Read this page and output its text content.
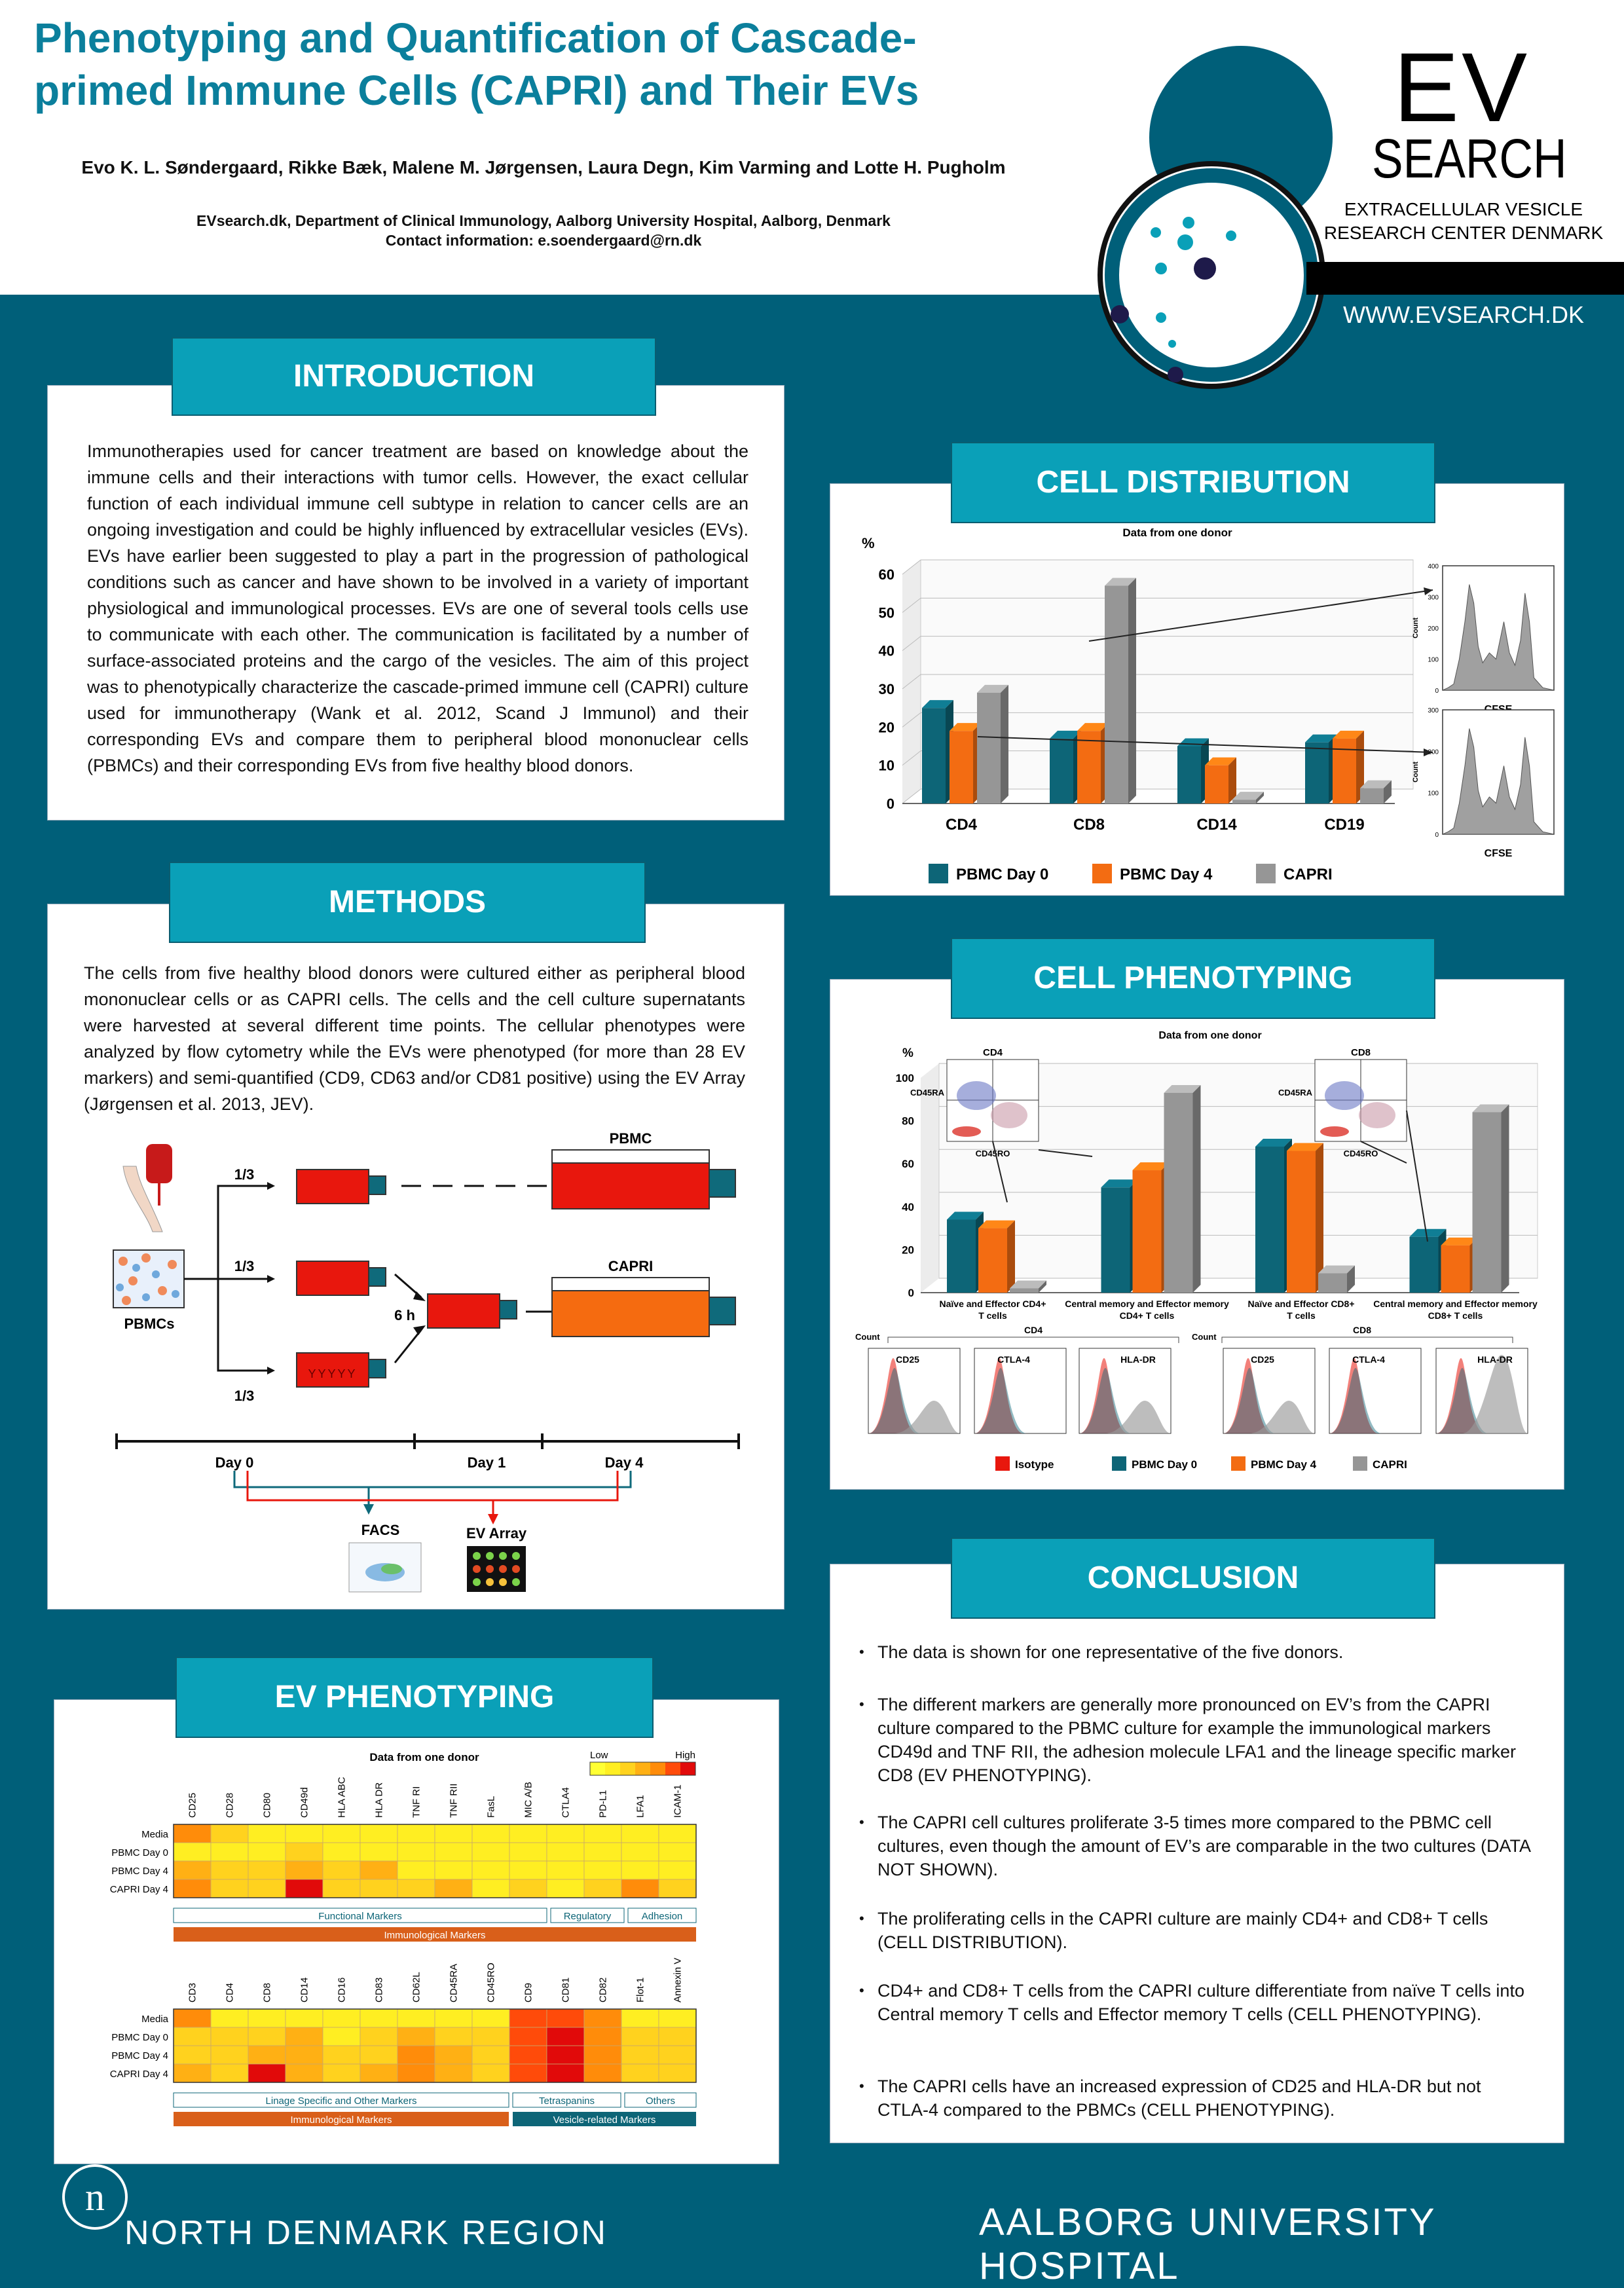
Phenotyping and Quantification of Cascade-primed Immune Cells (CAPRI) and Their EVs
Evo K. L. Søndergaard, Rikke Bæk, Malene M. Jørgensen, Laura Degn, Kim Varming and Lotte H. Pugholm
EVsearch.dk, Department of Clinical Immunology, Aalborg University Hospital, Aalborg, Denmark
Contact information: e.soendergaard@rn.dk
EV
SEARCH
EXTRACELLULAR VESICLE
RESEARCH CENTER DENMARK
WWW.EVSEARCH.DK
Immunotherapies used for cancer treatment are based on knowledge about the immune cells and their interactions with tumor cells. However, the exact cellular function of each individual immune cell subtype in relation to cancer cells are an ongoing investigation and could be highly influenced by extracellular vesicles (EVs). EVs have earlier been suggested to play a part in the progression of pathological conditions such as cancer and have shown to be involved in a variety of important physiological and immunological processes. EVs are one of several tools cells use to communicate with each other. The communication is facilitated by a number of surface-associated proteins and the cargo of the vesicles. The aim of this project was to phenotypically characterize the cascade-primed immune cell (CAPRI) culture used for immunotherapy (Wank et al. 2012, Scand J Immunol) and their corresponding EVs and compare them to peripheral blood mononuclear cells (PBMCs) and their corresponding EVs from five healthy blood donors.
INTRODUCTION
The cells from five healthy blood donors were cultured either as peripheral blood mononuclear cells or as CAPRI cells. The cells and the cell culture supernatants were harvested at several different time points. The cellular phenotypes were analyzed by flow cytometry while the EVs were phenotyped (for more than 28 EV markers) and semi-quantified (CD9, CD63 and/or CD81 positive) using the EV Array (Jørgensen et al. 2013, JEV).
PBMCs
1/3
1/3
1/3
YYYYY
6 h
PBMC
CAPRI
Day 0	Day 1	Day 4
FACS	EV Array
METHODS
Data from one donor	Low	High
CD25	CD28	CD80	CD49d	HLA ABC	HLA DR	TNF RI	TNF RII	FasL	MIC A/B	CTLA4	PD-L1	LFA1	ICAM-1
Media
PBMC Day 0
PBMC Day 4
CAPRI Day 4
Functional Markers	Regulatory	Adhesion
Immunological Markers
CD3	CD4	CD8	CD14	CD16	CD83	CD62L	CD45RA	CD45RO	CD9	CD81	CD82	Flot-1	Annexin V
Media
PBMC Day 0
PBMC Day 4
CAPRI Day 4
Linage Specific and Other Markers	Tetraspanins	Others
Immunological Markers	Vesicle-related Markers
EV PHENOTYPING
Data from one donor
%
0
10
20
30
40
50
60
CD4	CD8	CD14	CD19
0
100
200
300
400
Count
0
100
200
300
CFSE
Count
PBMC Day 0	PBMC Day 4	CAPRI
CELL DISTRIBUTION
Data from one donor
%
0
20
40
60
80
100
Naïve and Effector CD4+
T cells
Central memory and Effector memory
CD4+ T cells
Naïve and Effector CD8+
T cells
Central memory and Effector memory
CD8+ T cells
CD4
CD45RA
CD45RO
CD8
CD45RA
CD45RO
CD4	CD8
Count	Count
CD25	CTLA-4	HLA-DR	CD25	CTLA-4	HLA-DR
Isotype	PBMC Day 0	PBMC Day 4	CAPRI
CELL PHENOTYPING
CONCLUSION
• The data is shown for one representative of the five donors.
• The different markers are generally more pronounced on EV’s from the CAPRI culture compared to the PBMC culture for example the immunological markers CD49d and TNF RII, the adhesion molecule LFA1 and the lineage specific marker CD8 (EV PHENOTYPING).
• The CAPRI cell cultures proliferate 3-5 times more compared to the PBMC cell cultures, even though the amount of EV’s are comparable in the two cultures (DATA NOT SHOWN).
• The proliferating cells in the CAPRI culture are mainly CD4+ and CD8+ T cells (CELL DISTRIBUTION).
• CD4+ and CD8+ T cells from the CAPRI culture differentiate from naïve T cells into Central memory T cells and Effector memory T cells (CELL PHENOTYPING).
• The CAPRI cells have an increased expression of CD25 and HLA-DR but not CTLA-4 compared to the PBMCs (CELL PHENOTYPING).
n
NORTH DENMARK REGION	AALBORG UNIVERSITY HOSPITAL
